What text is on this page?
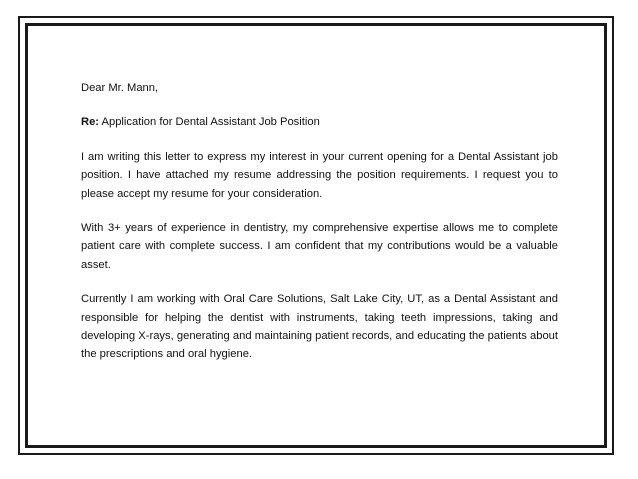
Dear Mr. Mann,

Re: Application for Dental Assistant Job Position

I am writing this letter to express my interest in your current opening for a Dental Assistant job position. I have attached my resume addressing the position requirements. I request you to please accept my resume for your consideration.

With 3+ years of experience in dentistry, my comprehensive expertise allows me to complete patient care with complete success. I am confident that my contributions would be a valuable asset.

Currently I am working with Oral Care Solutions, Salt Lake City, UT, as a Dental Assistant and responsible for helping the dentist with instruments, taking teeth impressions, taking and developing X-rays, generating and maintaining patient records, and educating the patients about the prescriptions and oral hygiene.
